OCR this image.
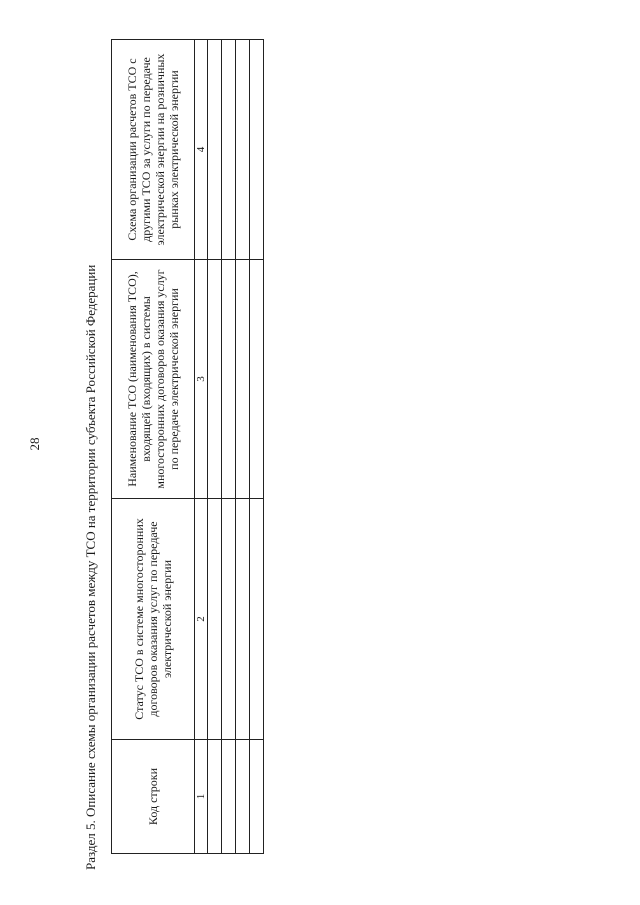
28	Раздел 5. Описание схемы организации расчетов между ТСО на территории субъекта Российской Федерации	Код строки	Статус ТСО в системе многосторонних договоров оказания услуг по передаче электрической энергии	Наименование ТСО (наименования ТСО), входящей (входящих) в системы многосторонних договоров оказания услуг по передаче электрической энергии	Схема организации расчетов ТСО с другими ТСО за услуги по передаче электрической энергии на розничных рынках электрической энергии
1	2	3	4
